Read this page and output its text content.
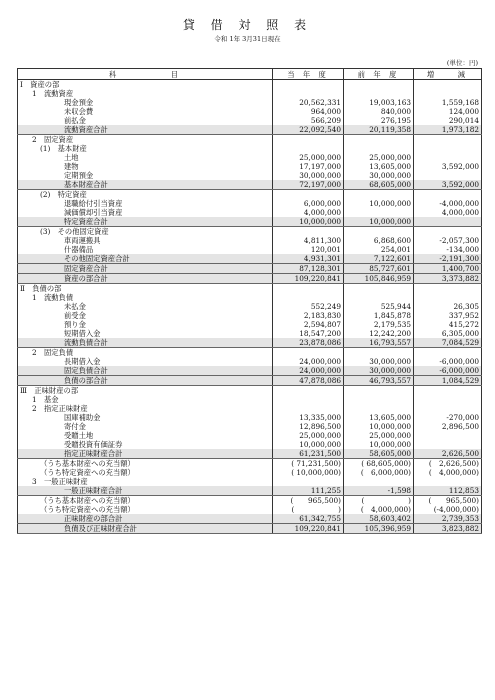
貸 借 対 照 表
令和 1年 3月31日現在
(単位：円)
科　　　　　目	当 年 度	前 年 度	増　　減
Ⅰ　資産の部			
1　流動資産			
現金預金	20,562,331	19,003,163	1,559,168
未収会費	964,000	840,000	124,000
前払金	566,209	276,195	290,014
流動資産合計	22,092,540	20,119,358	1,973,182
2　固定資産			
(1)　基本財産			
土地	25,000,000	25,000,000	
建物	17,197,000	13,605,000	3,592,000
定期預金	30,000,000	30,000,000	
基本財産合計	72,197,000	68,605,000	3,592,000
(2)　特定資産			
退職給付引当資産	6,000,000	10,000,000	-4,000,000
減価償却引当資産	4,000,000		4,000,000
特定資産合計	10,000,000	10,000,000	
(3)　その他固定資産			
車両運搬具	4,811,300	6,868,600	-2,057,300
什器備品	120,001	254,001	-134,000
その他固定資産合計	4,931,301	7,122,601	-2,191,300
固定資産合計	87,128,301	85,727,601	1,400,700
資産の部合計	109,220,841	105,846,959	3,373,882
Ⅱ　負債の部			
1　流動負債			
未払金	552,249	525,944	26,305
前受金	2,183,830	1,845,878	337,952
預り金	2,594,807	2,179,535	415,272
短期借入金	18,547,200	12,242,200	6,305,000
流動負債合計	23,878,086	16,793,557	7,084,529
2　固定負債			
長期借入金	24,000,000	30,000,000	-6,000,000
固定負債合計	24,000,000	30,000,000	-6,000,000
負債の部合計	47,878,086	46,793,557	1,084,529
Ⅲ　正味財産の部			
1　基金			
2　指定正味財産			
国庫補助金	13,335,000	13,605,000	-270,000
寄付金	12,896,500	10,000,000	2,896,500
受贈土地	25,000,000	25,000,000	
受贈投資有価証券	10,000,000	10,000,000	
指定正味財産合計	61,231,500	58,605,000	2,626,500
（うち基本財産への充当額）	( 71,231,500)	( 68,605,000)	(　2,626,500)
（うち特定資産への充当額）	( 10,000,000)	(　6,000,000)	(　4,000,000)
3　一般正味財産			
一般正味財産合計	111,255	-1,598	112,853
（うち基本財産への充当額）	(　　965,500)	(　　　　　　)	(　　965,500)
（うち特定資産への充当額）	(　　　　　　)	(　4,000,000)	(-4,000,000)
正味財産の部合計	61,342,755	58,603,402	2,739,353
負債及び正味財産合計	109,220,841	105,396,959	3,823,882
